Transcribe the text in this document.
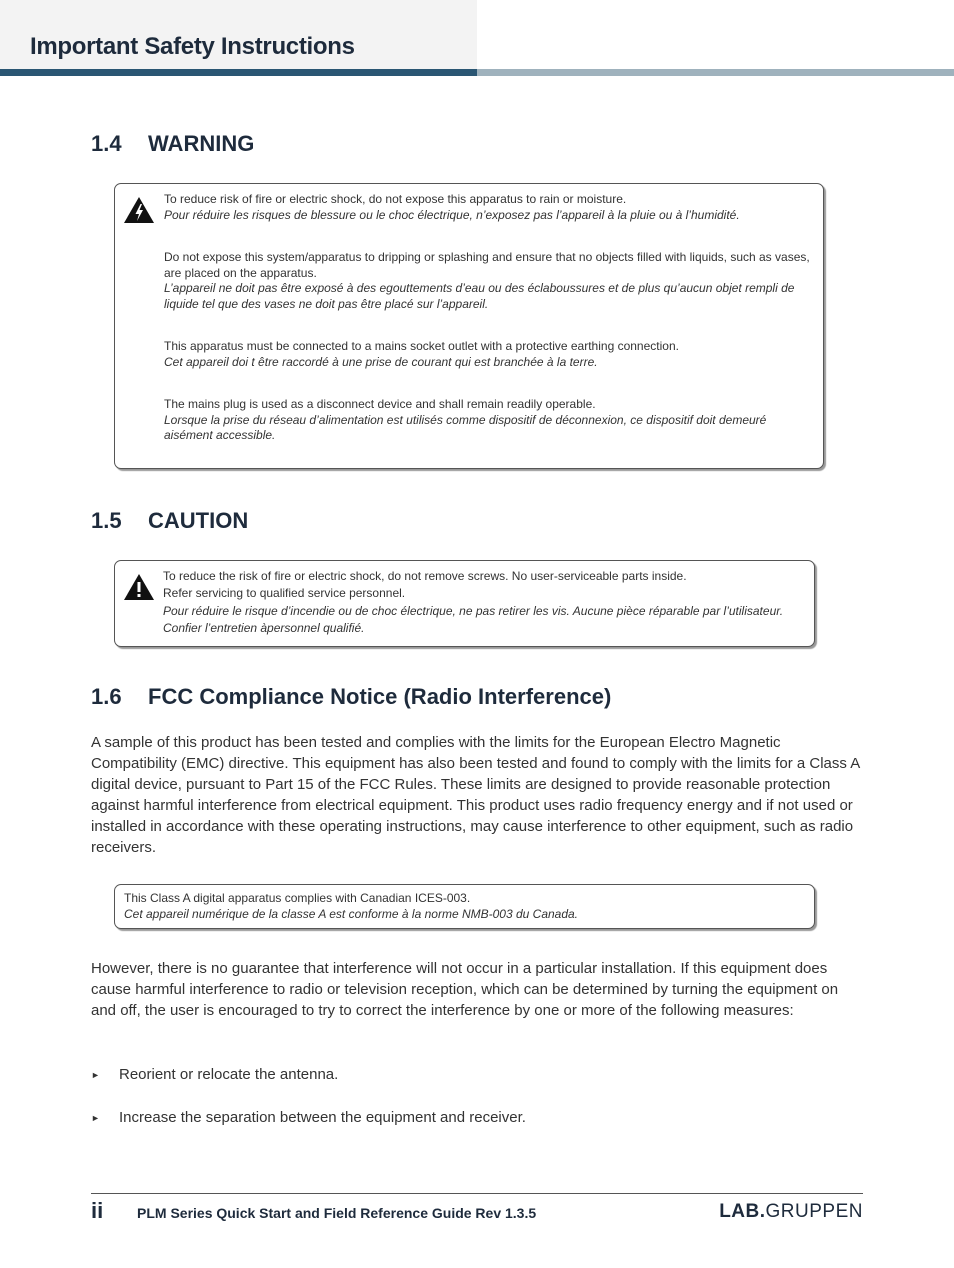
Important Safety Instructions
1.4	WARNING

To reduce risk of fire or electric shock, do not expose this apparatus to rain or moisture.

Pour réduire les risques de blessure ou le choc électrique, n’exposez pas l’appareil à la pluie ou à l’humidité.

Do not expose this system/apparatus to dripping or splashing and ensure that no objects filled with liquids, such as vases, are placed on the apparatus.

L’appareil ne doit pas être exposé à des egouttements d’eau ou des éclaboussures et de plus qu’aucun objet rempli de liquide tel que des vases ne doit pas être placé sur l’appareil.

This apparatus must be connected to a mains socket outlet with a protective earthing connection.

Cet appareil doi t être raccordé à une prise de courant qui est branchée à la terre.

The mains plug is used as a disconnect device and shall remain readily operable.

Lorsque la prise du réseau d’alimentation est utilisés comme dispositif de déconnexion, ce dispositif doit demeuré aisément accessible.

1.5	CAUTION

To reduce the risk of fire or electric shock, do not remove screws. No user-serviceable parts inside.

Refer servicing to qualified service personnel.

Pour réduire le risque d’incendie ou de choc électrique, ne pas retirer les vis. Aucune pièce réparable par l’utilisateur. Confier l’entretien àpersonnel qualifié.

1.6	FCC Compliance Notice (Radio Interference)

A sample of this product has been tested and complies with the limits for the European Electro Magnetic Compatibility (EMC) directive. This equipment has also been tested and found to comply with the limits for a Class A digital device, pursuant to Part 15 of the FCC Rules. These limits are designed to provide reasonable protection against harmful interference from electrical equipment. This product uses radio frequency energy and if not used or installed in accordance with these operating instructions, may cause interference to other equipment, such as radio receivers.

This Class A digital apparatus complies with Canadian ICES-003.

Cet appareil numérique de la classe A est conforme à la norme NMB-003 du Canada.

However, there is no guarantee that interference will not occur in a particular installation. If this equipment does cause harmful interference to radio or television reception, which can be determined by turning the equipment on and off, the user is encouraged to try to correct the interference by one or more of the following measures:

►	Reorient or relocate the antenna.
►	Increase the separation between the equipment and receiver.
ii PLM Series Quick Start and Field Reference Guide Rev 1.3.5	LAB.GRUPPEN
